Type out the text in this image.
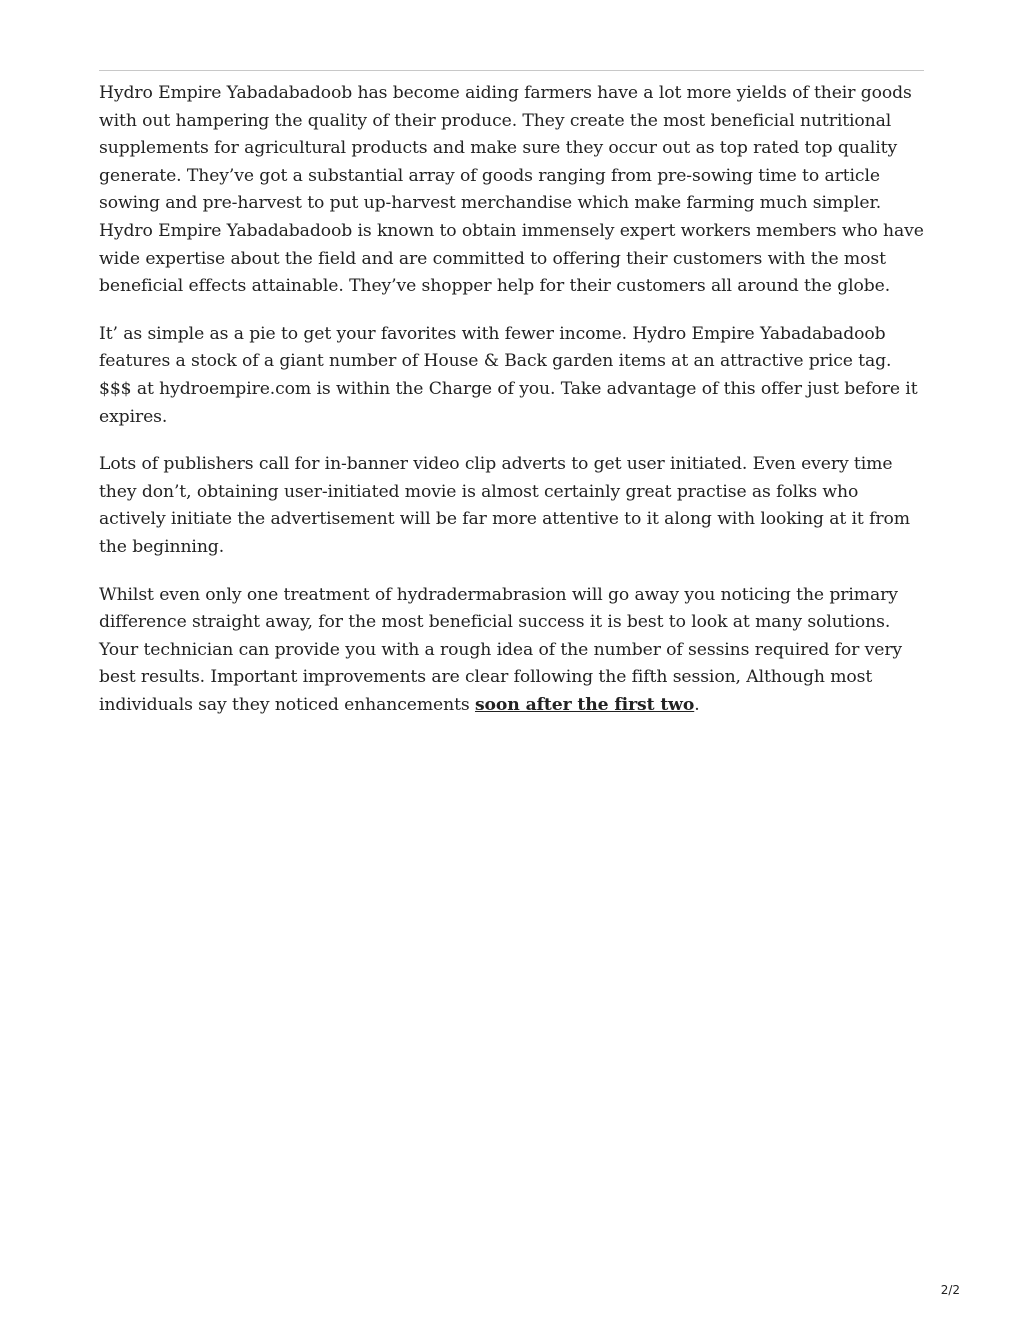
Hydro Empire Yabadabadoob has become aiding farmers have a lot more yields of their goods with out hampering the quality of their produce. They create the most beneficial nutritional supplements for agricultural products and make sure they occur out as top rated top quality generate. They’ve got a substantial array of goods ranging from pre-sowing time to article sowing and pre-harvest to put up-harvest merchandise which make farming much simpler. Hydro Empire Yabadabadoob is known to obtain immensely expert workers members who have wide expertise about the field and are committed to offering their customers with the most beneficial effects attainable. They’ve shopper help for their customers all around the globe.

It’ as simple as a pie to get your favorites with fewer income. Hydro Empire Yabadabadoob features a stock of a giant number of House & Back garden items at an attractive price tag. $$$ at hydroempire.com is within the Charge of you. Take advantage of this offer just before it expires.

Lots of publishers call for in-banner video clip adverts to get user initiated. Even every time they don’t, obtaining user-initiated movie is almost certainly great practise as folks who actively initiate the advertisement will be far more attentive to it along with looking at it from the beginning.

Whilst even only one treatment of hydradermabrasion will go away you noticing the primary difference straight away, for the most beneficial success it is best to look at many solutions. Your technician can provide you with a rough idea of the number of sessins required for very best results. Important improvements are clear following the fifth session, Although most individuals say they noticed enhancements soon after the first two.

2/2
